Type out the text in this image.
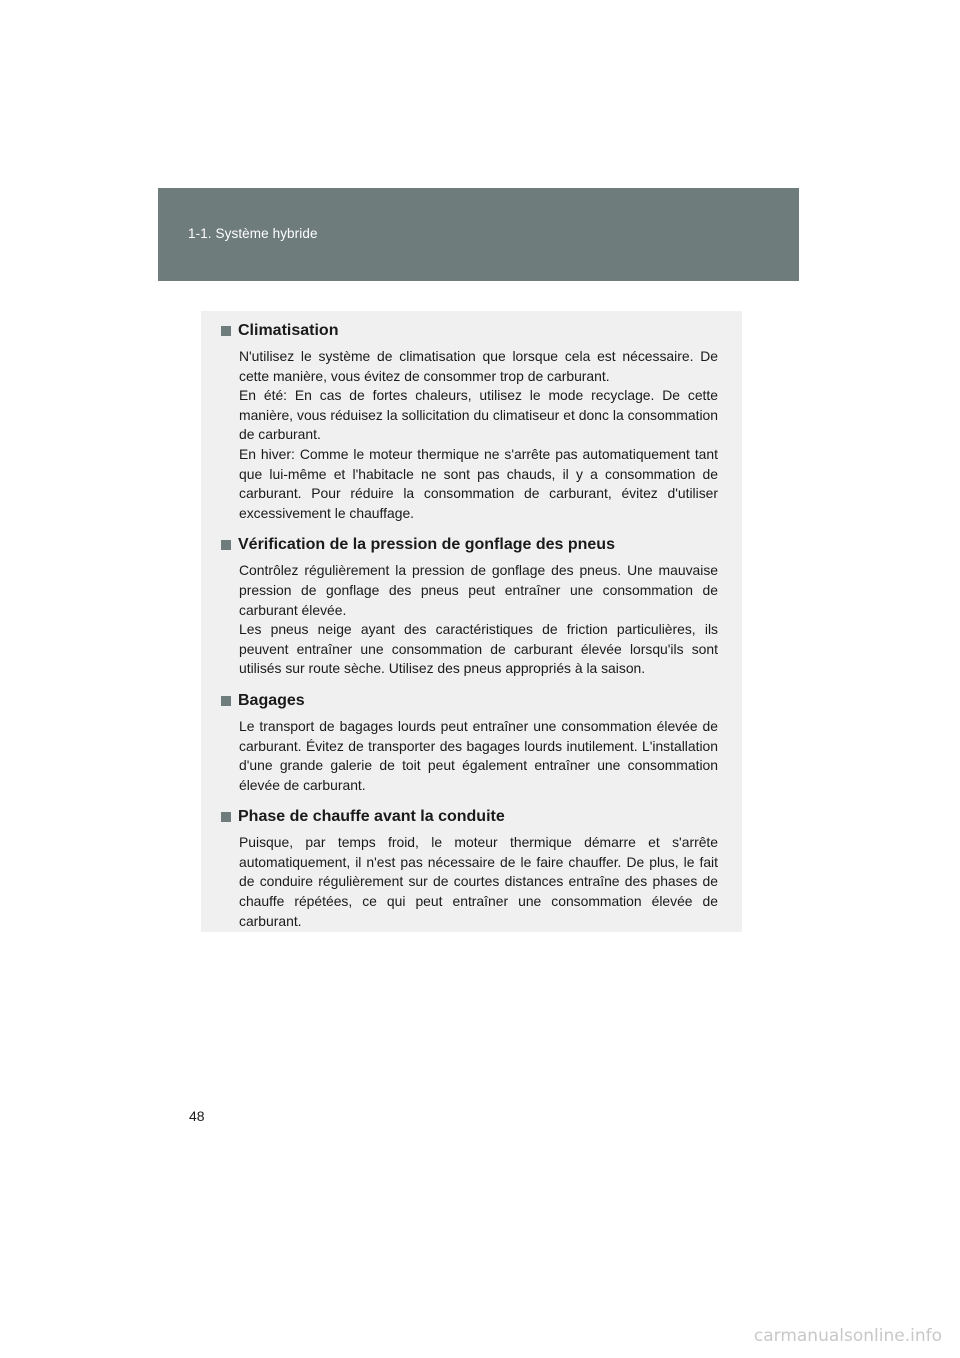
1-1. Système hybride
Climatisation

N'utilisez le système de climatisation que lorsque cela est nécessaire. De cette manière, vous évitez de consommer trop de carburant.

En été: En cas de fortes chaleurs, utilisez le mode recyclage. De cette manière, vous réduisez la sollicitation du climatiseur et donc la consommation de carburant.

En hiver: Comme le moteur thermique ne s'arrête pas automatiquement tant que lui-même et l'habitacle ne sont pas chauds, il y a consommation de carburant. Pour réduire la consommation de carburant, évitez d'utiliser excessivement le chauffage.

Vérification de la pression de gonflage des pneus

Contrôlez régulièrement la pression de gonflage des pneus. Une mauvaise pression de gonflage des pneus peut entraîner une consommation de carburant élevée.

Les pneus neige ayant des caractéristiques de friction particulières, ils peuvent entraîner une consommation de carburant élevée lorsqu'ils sont utilisés sur route sèche. Utilisez des pneus appropriés à la saison.

Bagages

Le transport de bagages lourds peut entraîner une consommation élevée de carburant. Évitez de transporter des bagages lourds inutilement. L'installation d'une grande galerie de toit peut également entraîner une consommation élevée de carburant.

Phase de chauffe avant la conduite

Puisque, par temps froid, le moteur thermique démarre et s'arrête automatiquement, il n'est pas nécessaire de le faire chauffer. De plus, le fait de conduire régulièrement sur de courtes distances entraîne des phases de chauffe répétées, ce qui peut entraîner une consommation élevée de carburant.

48
carmanualsonline.info
